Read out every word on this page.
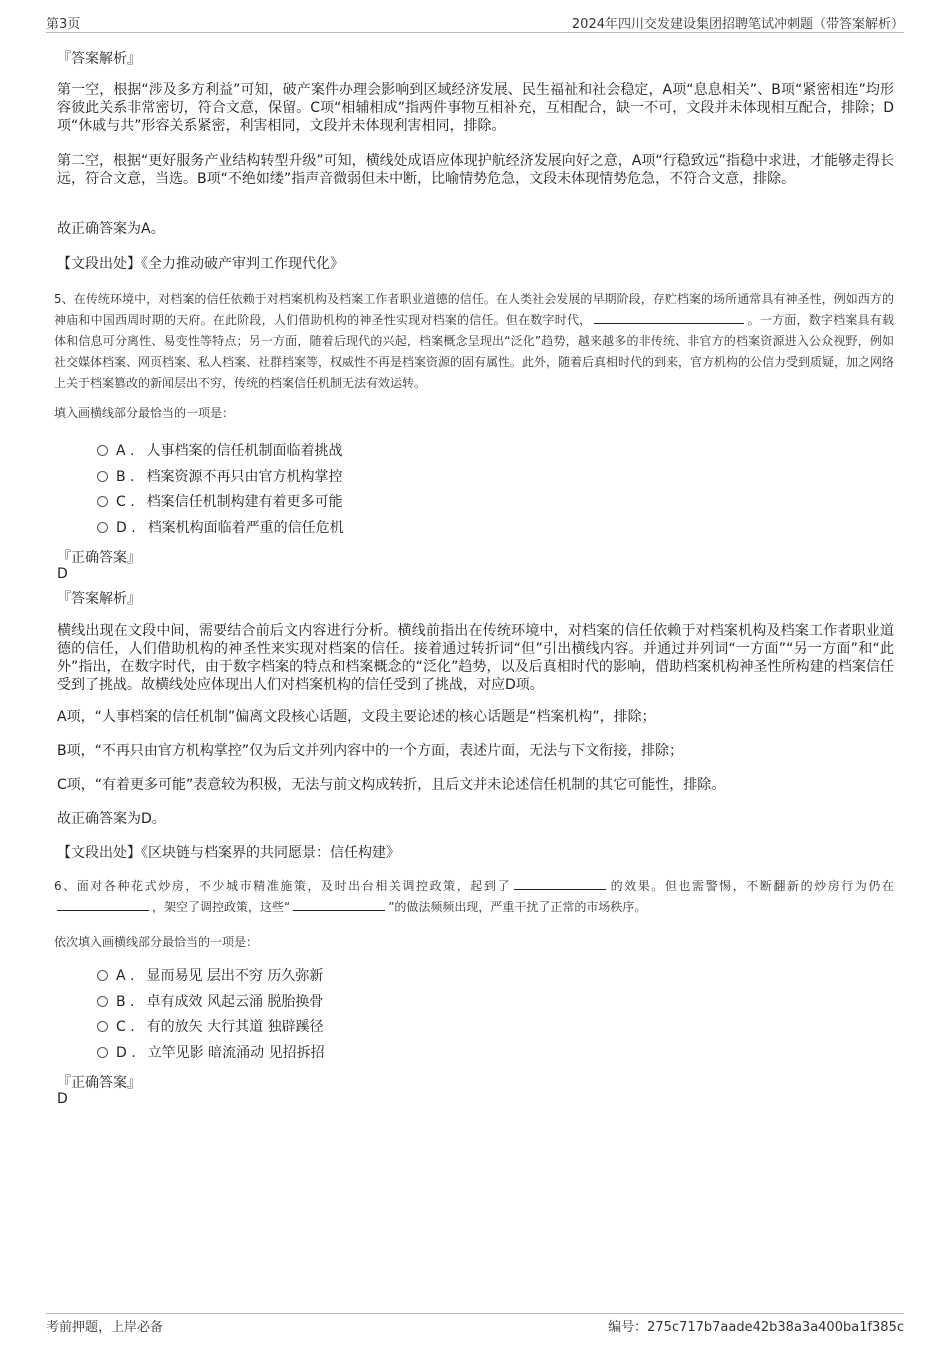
第3页	2024年四川交发建设集团招聘笔试冲刺题（带答案解析）
『答案解析』
第一空，根据“涉及多方利益”可知，破产案件办理会影响到区域经济发展、民生福祉和社会稳定，A项“息息相关”、B项“紧密相连”均形容彼此关系非常密切，符合文意，保留。C项“相辅相成”指两件事物互相补充，互相配合，缺一不可，文段并未体现相互配合，排除；D项“休戚与共”形容关系紧密，利害相同，文段并未体现利害相同，排除。
第二空，根据“更好服务产业结构转型升级”可知，横线处成语应体现护航经济发展向好之意，A项“行稳致远”指稳中求进，才能够走得长远，符合文意，当选。B项“不绝如缕”指声音微弱但未中断，比喻情势危急，文段未体现情势危急，不符合文意，排除。
故正确答案为A。
【文段出处】《全力推动破产审判工作现代化》
5、在传统环境中，对档案的信任依赖于对档案机构及档案工作者职业道德的信任。在人类社会发展的早期阶段，存贮档案的场所通常具有神圣性，例如西方的神庙和中国西周时期的天府。在此阶段，人们借助机构的神圣性实现对档案的信任。但在数字时代，	。一方面，数字档案具有载体和信息可分离性、易变性等特点；另一方面，随着后现代的兴起，档案概念呈现出“泛化”趋势，越来越多的非传统、非官方的档案资源进入公众视野，例如社交媒体档案、网页档案、私人档案、社群档案等，权威性不再是档案资源的固有属性。此外，随着后真相时代的到来，官方机构的公信力受到质疑，加之网络上关于档案篡改的新闻层出不穷，传统的档案信任机制无法有效运转。
填入画横线部分最恰当的一项是：
A . 人事档案的信任机制面临着挑战
B . 档案资源不再只由官方机构掌控
C . 档案信任机制构建有着更多可能
D . 档案机构面临着严重的信任危机
『正确答案』
D
『答案解析』
横线出现在文段中间，需要结合前后文内容进行分析。横线前指出在传统环境中，对档案的信任依赖于对档案机构及档案工作者职业道德的信任，人们借助机构的神圣性来实现对档案的信任。接着通过转折词“但”引出横线内容。并通过并列词“一方面”“另一方面”和“此外”指出，在数字时代，由于数字档案的特点和档案概念的“泛化”趋势，以及后真相时代的影响，借助档案机构神圣性所构建的档案信任受到了挑战。故横线处应体现出人们对档案机构的信任受到了挑战，对应D项。
A项，“人事档案的信任机制”偏离文段核心话题，文段主要论述的核心话题是“档案机构”，排除；
B项，“不再只由官方机构掌控”仅为后文并列内容中的一个方面，表述片面，无法与下文衔接，排除；
C项，“有着更多可能”表意较为积极，无法与前文构成转折，且后文并未论述信任机制的其它可能性，排除。
故正确答案为D。
【文段出处】《区块链与档案界的共同愿景：信任构建》
6、面对各种花式炒房，不少城市精准施策，及时出台相关调控政策，起到了	的效果。但也需警惕，不断翻新的炒房行为仍在，架空了调控政策，这些“	”的做法频频出现，严重干扰了正常的市场秩序。
依次填入画横线部分最恰当的一项是：
A . 显而易见 层出不穷 历久弥新
B . 卓有成效 风起云涌 脱胎换骨
C . 有的放矢 大行其道 独辟蹊径
D . 立竿见影 暗流涌动 见招拆招
『正确答案』
D
考前押题，上岸必备	编号：275c717b7aade42b38a3a400ba1f385c
